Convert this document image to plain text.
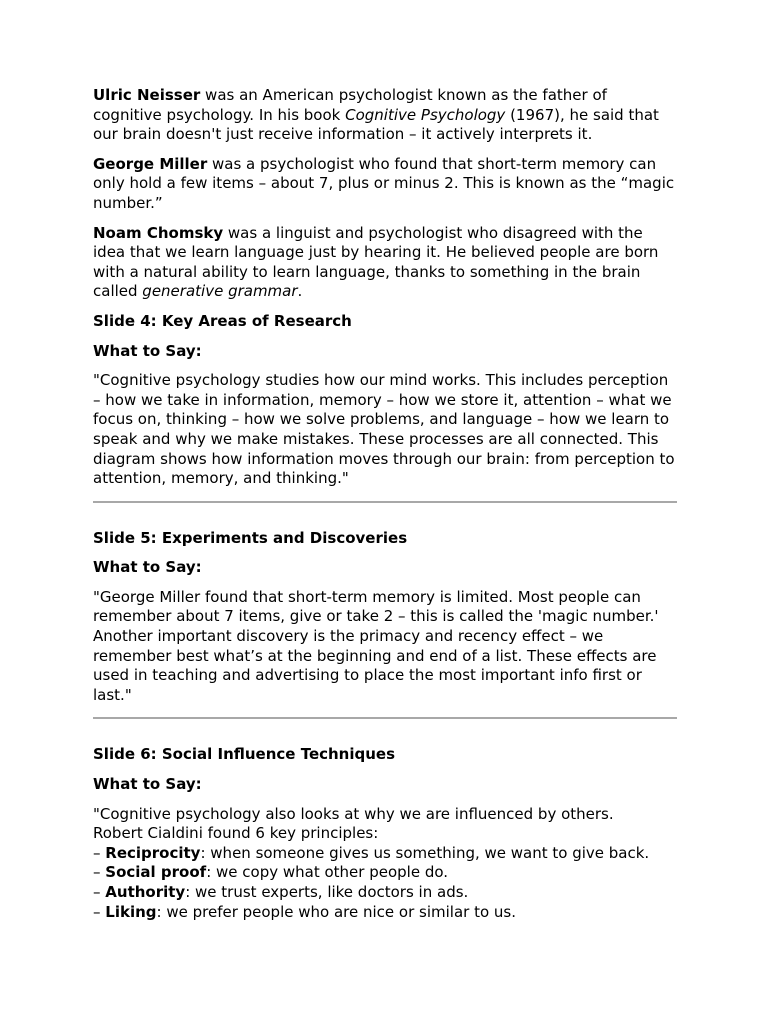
Ulric Neisser was an American psychologist known as the father of cognitive psychology. In his book Cognitive Psychology (1967), he said that our brain doesn't just receive information – it actively interprets it.

George Miller was a psychologist who found that short-term memory can only hold a few items – about 7, plus or minus 2. This is known as the “magic number.”

Noam Chomsky was a linguist and psychologist who disagreed with the idea that we learn language just by hearing it. He believed people are born with a natural ability to learn language, thanks to something in the brain called generative grammar.

Slide 4: Key Areas of Research
What to Say:

"Cognitive psychology studies how our mind works. This includes perception – how we take in information, memory – how we store it, attention – what we focus on, thinking – how we solve problems, and language – how we learn to speak and why we make mistakes. These processes are all connected. This diagram shows how information moves through our brain: from perception to attention, memory, and thinking."

Slide 5: Experiments and Discoveries
What to Say:

"George Miller found that short-term memory is limited. Most people can remember about 7 items, give or take 2 – this is called the 'magic number.'
Another important discovery is the primacy and recency effect – we remember best what’s at the beginning and end of a list. These effects are used in teaching and advertising to place the most important info first or last."

Slide 6: Social Influence Techniques
What to Say:

"Cognitive psychology also looks at why we are influenced by others.
Robert Cialdini found 6 key principles:
– Reciprocity: when someone gives us something, we want to give back.
– Social proof: we copy what other people do.
– Authority: we trust experts, like doctors in ads.
– Liking: we prefer people who are nice or similar to us.
